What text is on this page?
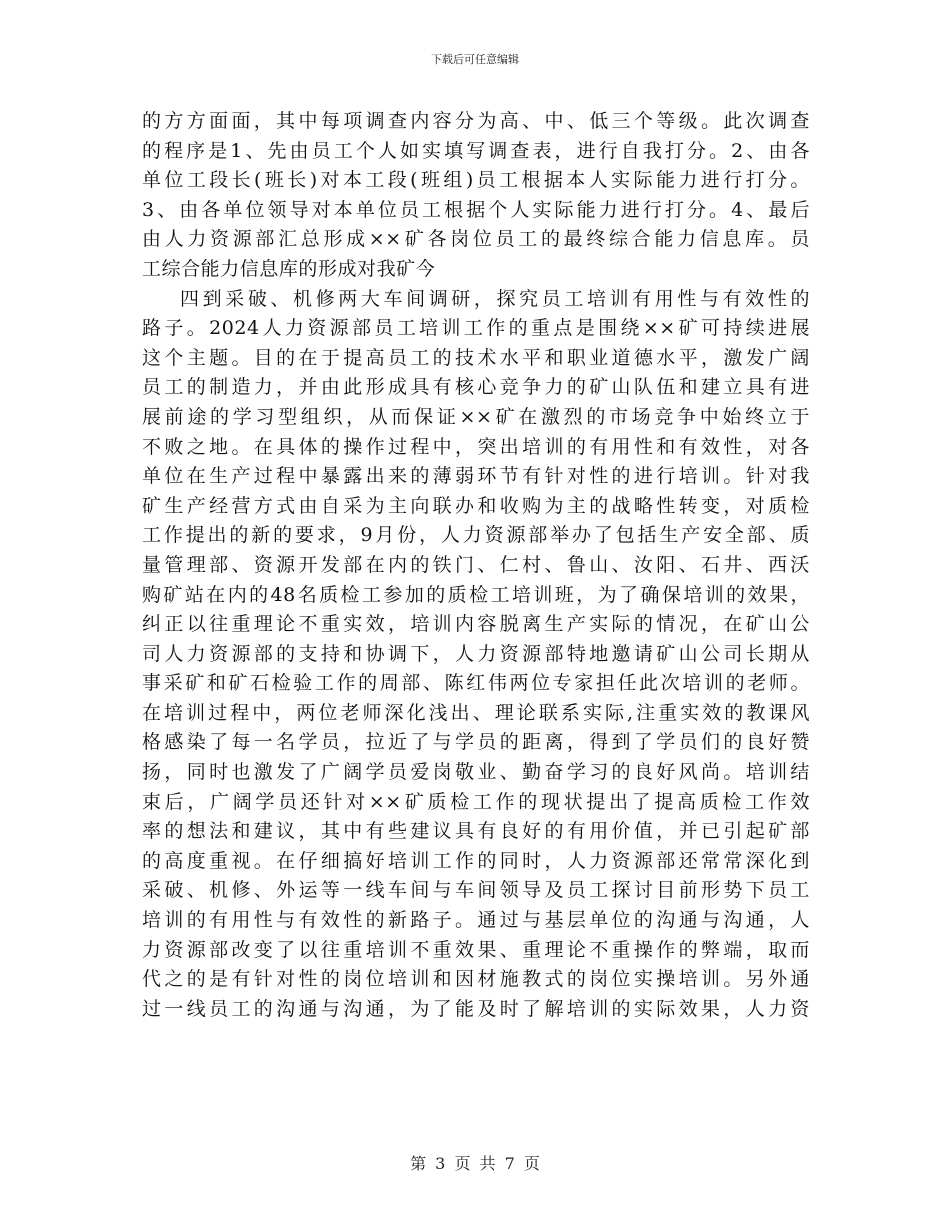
下载后可任意编辑
的方方面面，其中每项调查内容分为高、中、低三个等级。此次调查
的程序是1、先由员工个人如实填写调查表，进行自我打分。2、由各
单位工段长(班长)对本工段(班组)员工根据本人实际能力进行打分。
3、由各单位领导对本单位员工根据个人实际能力进行打分。4、最后
由人力资源部汇总形成××矿各岗位员工的最终综合能力信息库。员
工综合能力信息库的形成对我矿今
四到采破、机修两大车间调研，探究员工培训有用性与有效性的
路子。2024人力资源部员工培训工作的重点是围绕××矿可持续进展
这个主题。目的在于提高员工的技术水平和职业道德水平，激发广阔
员工的制造力，并由此形成具有核心竞争力的矿山队伍和建立具有进
展前途的学习型组织，从而保证××矿在激烈的市场竞争中始终立于
不败之地。在具体的操作过程中，突出培训的有用性和有效性，对各
单位在生产过程中暴露出来的薄弱环节有针对性的进行培训。针对我
矿生产经营方式由自采为主向联办和收购为主的战略性转变，对质检
工作提出的新的要求，9月份，人力资源部举办了包括生产安全部、质
量管理部、资源开发部在内的铁门、仁村、鲁山、汝阳、石井、西沃
购矿站在内的48名质检工参加的质检工培训班，为了确保培训的效果，
纠正以往重理论不重实效，培训内容脱离生产实际的情况，在矿山公
司人力资源部的支持和协调下，人力资源部特地邀请矿山公司长期从
事采矿和矿石检验工作的周部、陈红伟两位专家担任此次培训的老师。
在培训过程中，两位老师深化浅出、理论联系实际,注重实效的教课风
格感染了每一名学员，拉近了与学员的距离，得到了学员们的良好赞
扬，同时也激发了广阔学员爱岗敬业、勤奋学习的良好风尚。培训结
束后，广阔学员还针对××矿质检工作的现状提出了提高质检工作效
率的想法和建议，其中有些建议具有良好的有用价值，并已引起矿部
的高度重视。在仔细搞好培训工作的同时，人力资源部还常常深化到
采破、机修、外运等一线车间与车间领导及员工探讨目前形势下员工
培训的有用性与有效性的新路子。通过与基层单位的沟通与沟通，人
力资源部改变了以往重培训不重效果、重理论不重操作的弊端，取而
代之的是有针对性的岗位培训和因材施教式的岗位实操培训。另外通
过一线员工的沟通与沟通，为了能及时了解培训的实际效果，人力资
第 3 页 共 7 页
